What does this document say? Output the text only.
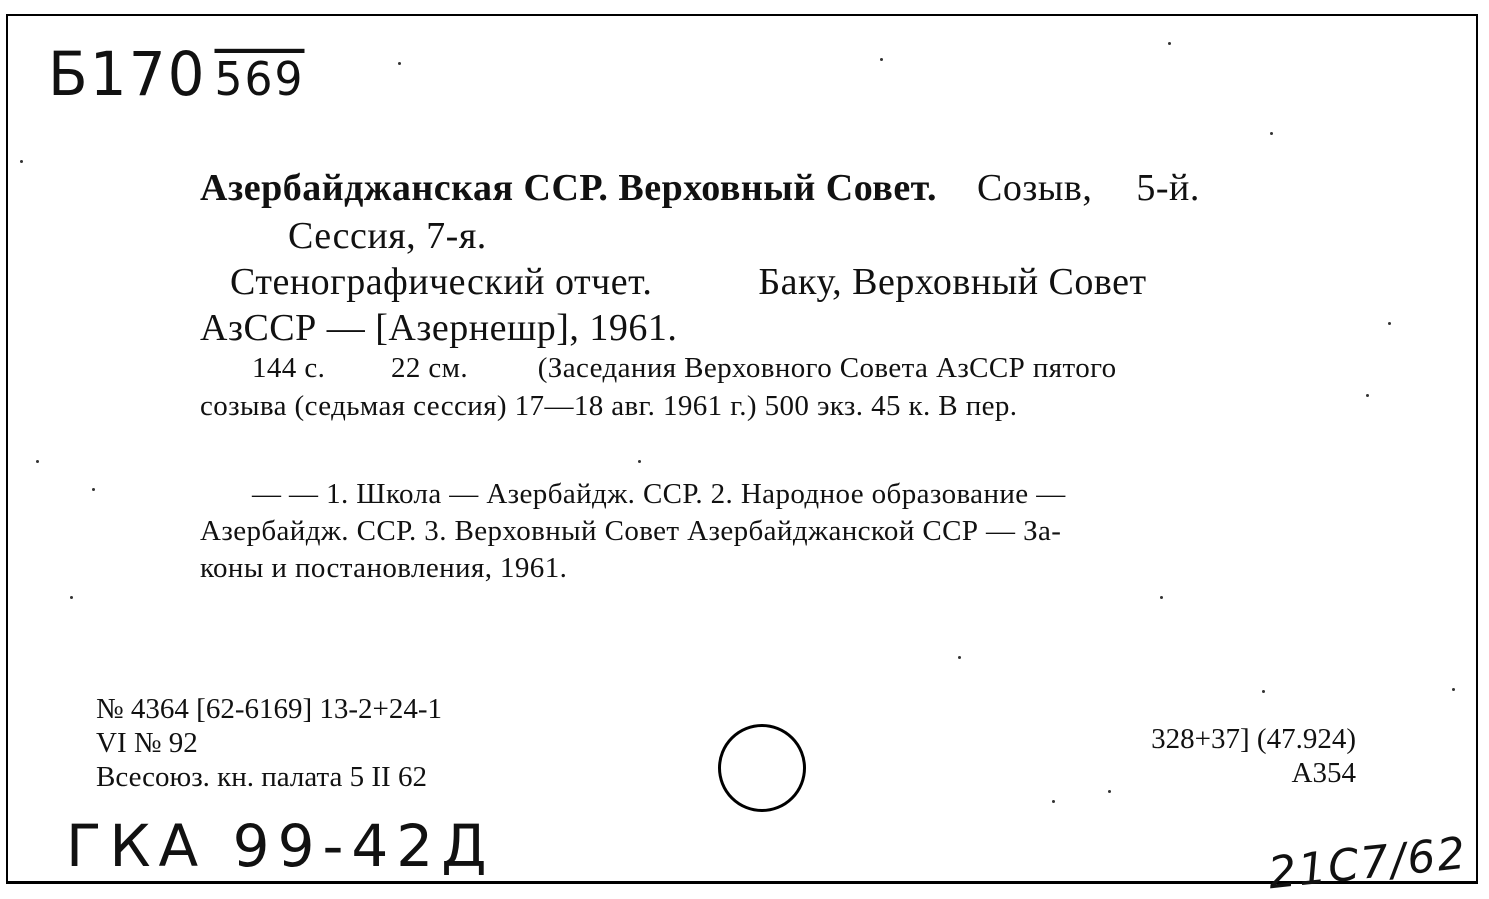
Б170 569
Азербайджанская ССР. Верховный Совет. Созыв, 5-й.
Сессия, 7-я.
Стенографический отчет.	Баку, Верховный Совет
АзССР — [Азернешр], 1961.
144 с. 22 см. (Заседания Верховного Совета АзССР пятого
созыва (седьмая сессия) 17—18 авг. 1961 г.) 500 экз. 45 к. В пер.
— — 1. Школа — Азербайдж. ССР. 2. Народное образование —
Азербайдж. ССР. 3. Верховный Совет Азербайджанской ССР — За-
коны и постановления, 1961.
№ 4364 [62-6169] 13-2+24-1
VI № 92
Всесоюз. кн. палата 5 II 62
328+37] (47.924)
А354
ГКА 99-42Д	21С7/62
